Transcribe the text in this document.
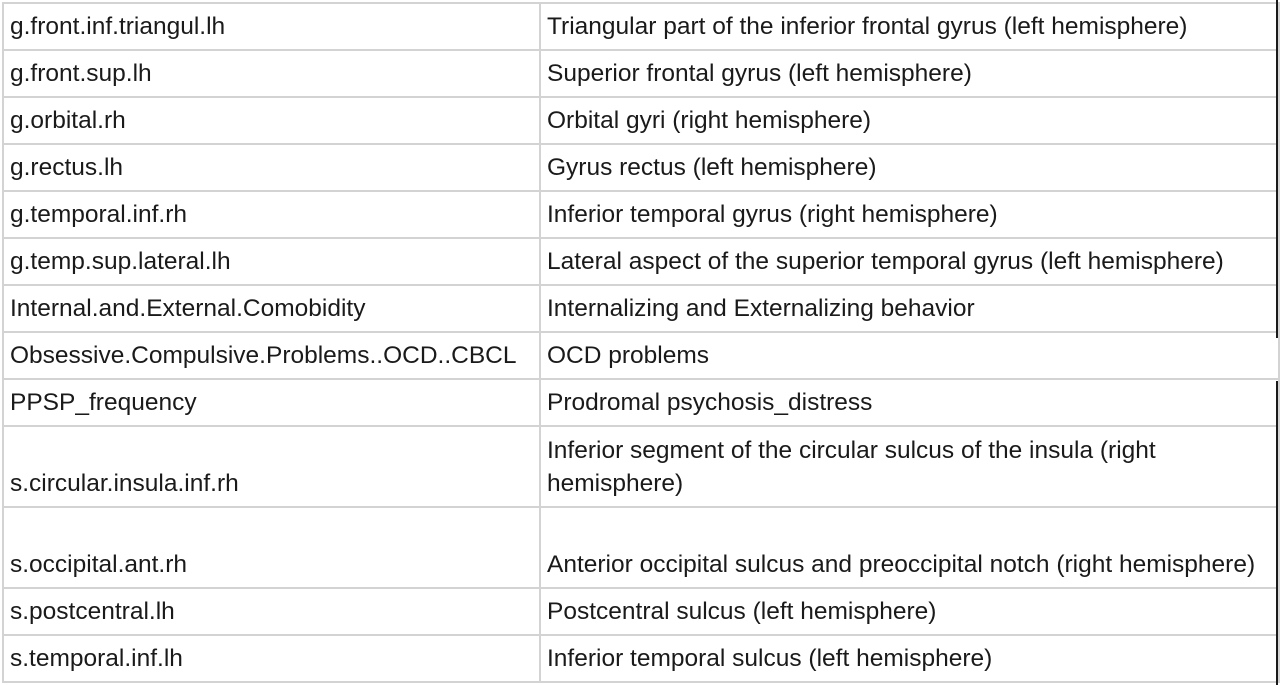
g.front.inf.triangul.lh	Triangular part of the inferior frontal gyrus (left hemisphere)
g.front.sup.lh	Superior frontal gyrus (left hemisphere)
g.orbital.rh	Orbital gyri (right hemisphere)
g.rectus.lh	Gyrus rectus (left hemisphere)
g.temporal.inf.rh	Inferior temporal gyrus (right hemisphere)
g.temp.sup.lateral.lh	Lateral aspect of the superior temporal gyrus (left hemisphere)
Internal.and.External.Comobidity	Internalizing and Externalizing behavior
Obsessive.Compulsive.Problems..OCD..CBCL	OCD problems
PPSP_frequency	Prodromal psychosis_distress
s.circular.insula.inf.rh	Inferior segment of the circular sulcus of the insula (right hemisphere)
s.occipital.ant.rh	Anterior occipital sulcus and preoccipital notch (right hemisphere)
s.postcentral.lh	Postcentral sulcus (left hemisphere)
s.temporal.inf.lh	Inferior temporal sulcus (left hemisphere)
